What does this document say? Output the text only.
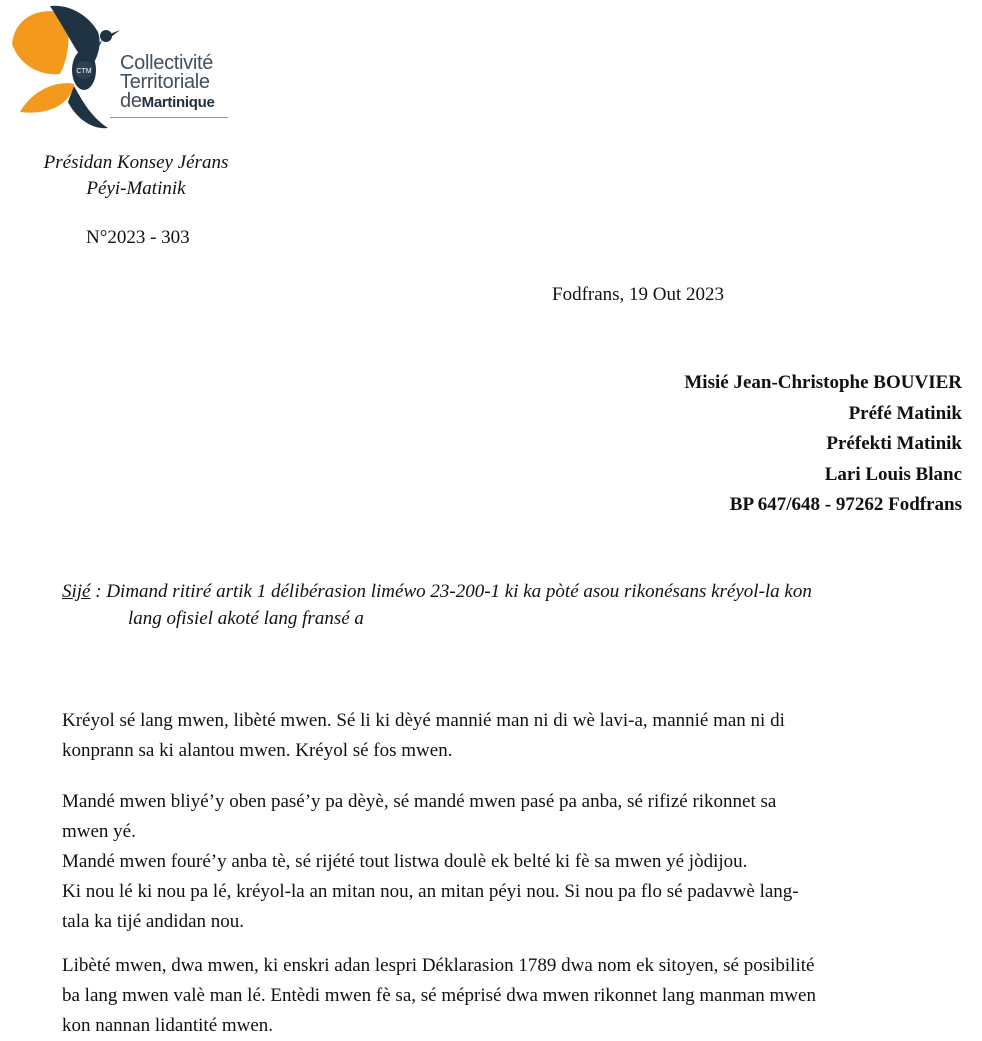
CTM Collectivité
Territoriale
deMartinique
Présidan Konsey Jérans
Péyi-Matinik
N°2023 - 303
Fodfrans, 19 Out 2023
Misié Jean-Christophe BOUVIER
Préfé Matinik
Préfekti Matinik
Lari Louis Blanc
BP 647/648 - 97262 Fodfrans
Sijé : Dimand ritiré artik 1 délibérasion liméwo 23-200-1 ki ka pòté asou rikonésans kréyol-la kon
lang ofisiel akoté lang fransé a
Kréyol sé lang mwen, libèté mwen. Sé li ki dèyé mannié man ni di wè lavi-a, mannié man ni di
konprann sa ki alantou mwen. Kréyol sé fos mwen.
Mandé mwen bliyé’y oben pasé’y pa dèyè, sé mandé mwen pasé pa anba, sé rifizé rikonnet sa
mwen yé.
Mandé mwen fouré’y anba tè, sé rijété tout listwa doulè ek belté ki fè sa mwen yé jòdijou.
Ki nou lé ki nou pa lé, kréyol-la an mitan nou, an mitan péyi nou. Si nou pa flo sé padavwè lang-
tala ka tijé andidan nou.
Libèté mwen, dwa mwen, ki enskri adan lespri Déklarasion 1789 dwa nom ek sitoyen, sé posibilité
ba lang mwen valè man lé. Entèdi mwen fè sa, sé méprisé dwa mwen rikonnet lang manman mwen
kon nannan lidantité mwen.
